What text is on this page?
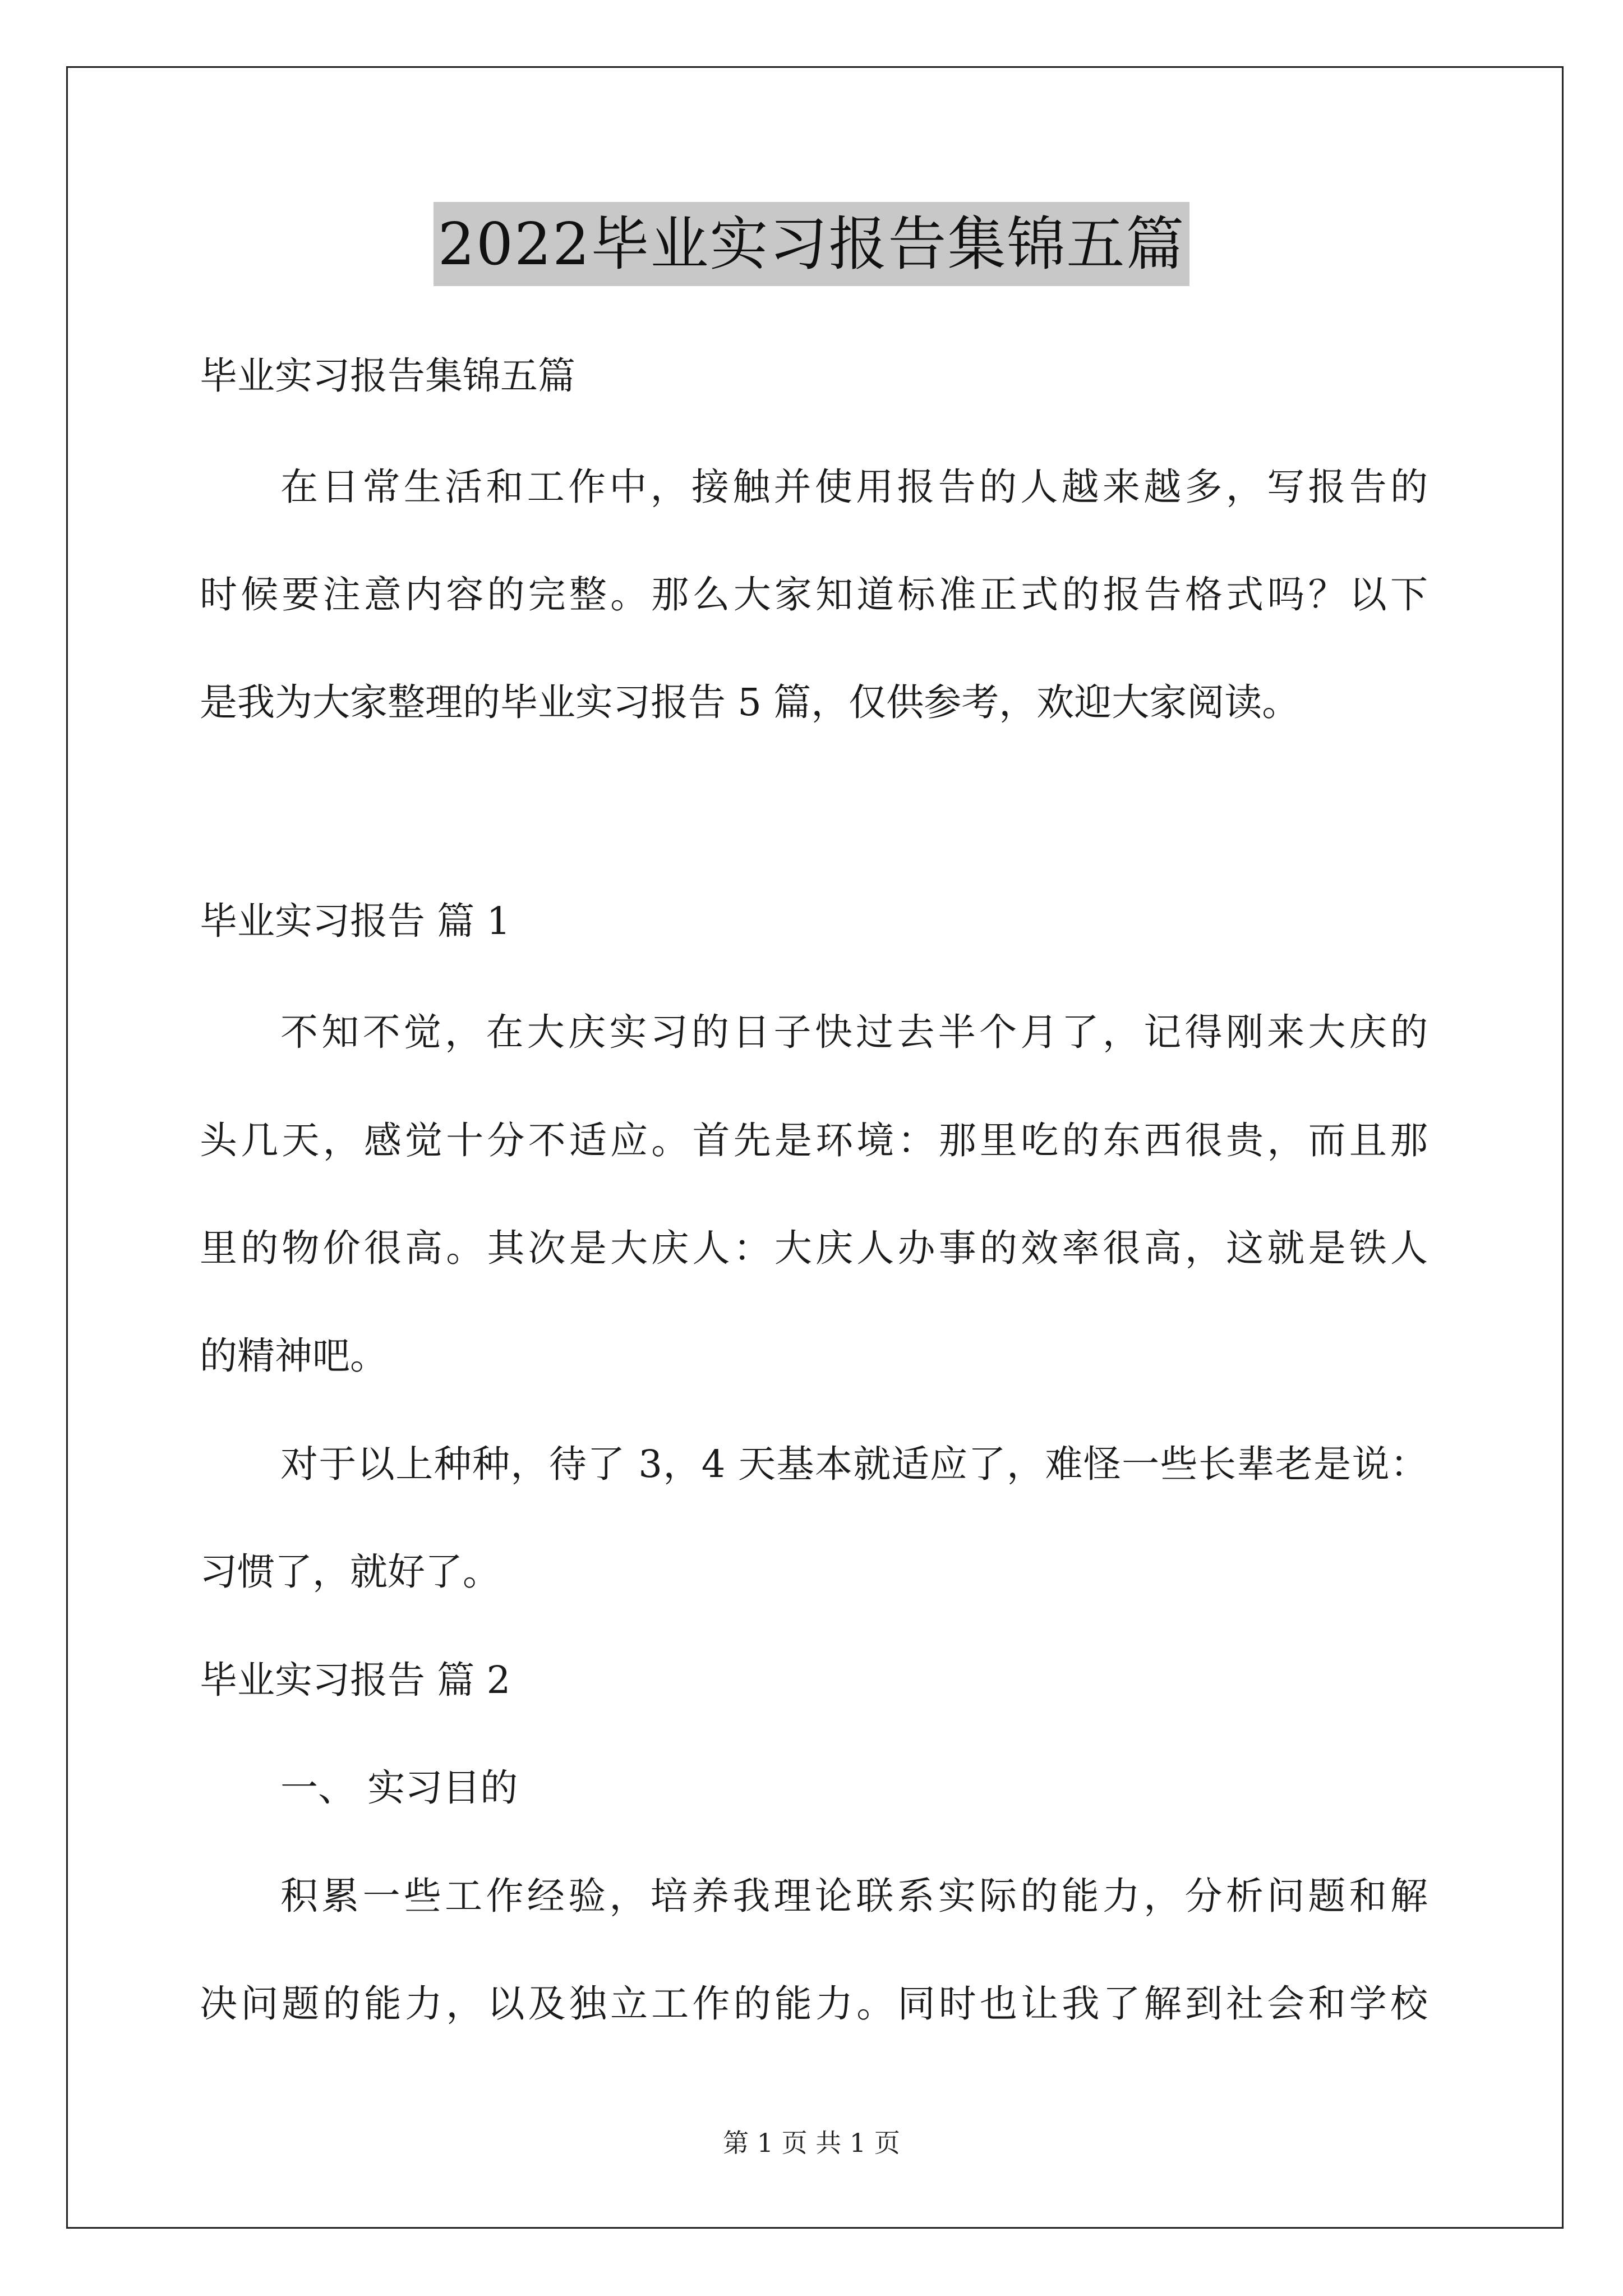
2022毕业实习报告集锦五篇
毕业实习报告集锦五篇
在日常生活和工作中，接触并使用报告的人越来越多，写报告的
时候要注意内容的完整。那么大家知道标准正式的报告格式吗？以下
是我为大家整理的毕业实习报告 5 篇，仅供参考，欢迎大家阅读。
毕业实习报告 篇 1
不知不觉，在大庆实习的日子快过去半个月了，记得刚来大庆的
头几天，感觉十分不适应。首先是环境：那里吃的东西很贵，而且那
里的物价很高。其次是大庆人：大庆人办事的效率很高，这就是铁人
的精神吧。
对于以上种种，待了 3，4 天基本就适应了，难怪一些长辈老是说：
习惯了，就好了。
毕业实习报告 篇 2
一、 实习目的
积累一些工作经验，培养我理论联系实际的能力，分析问题和解
决问题的能力，以及独立工作的能力。同时也让我了解到社会和学校
第 1 页 共 1 页
